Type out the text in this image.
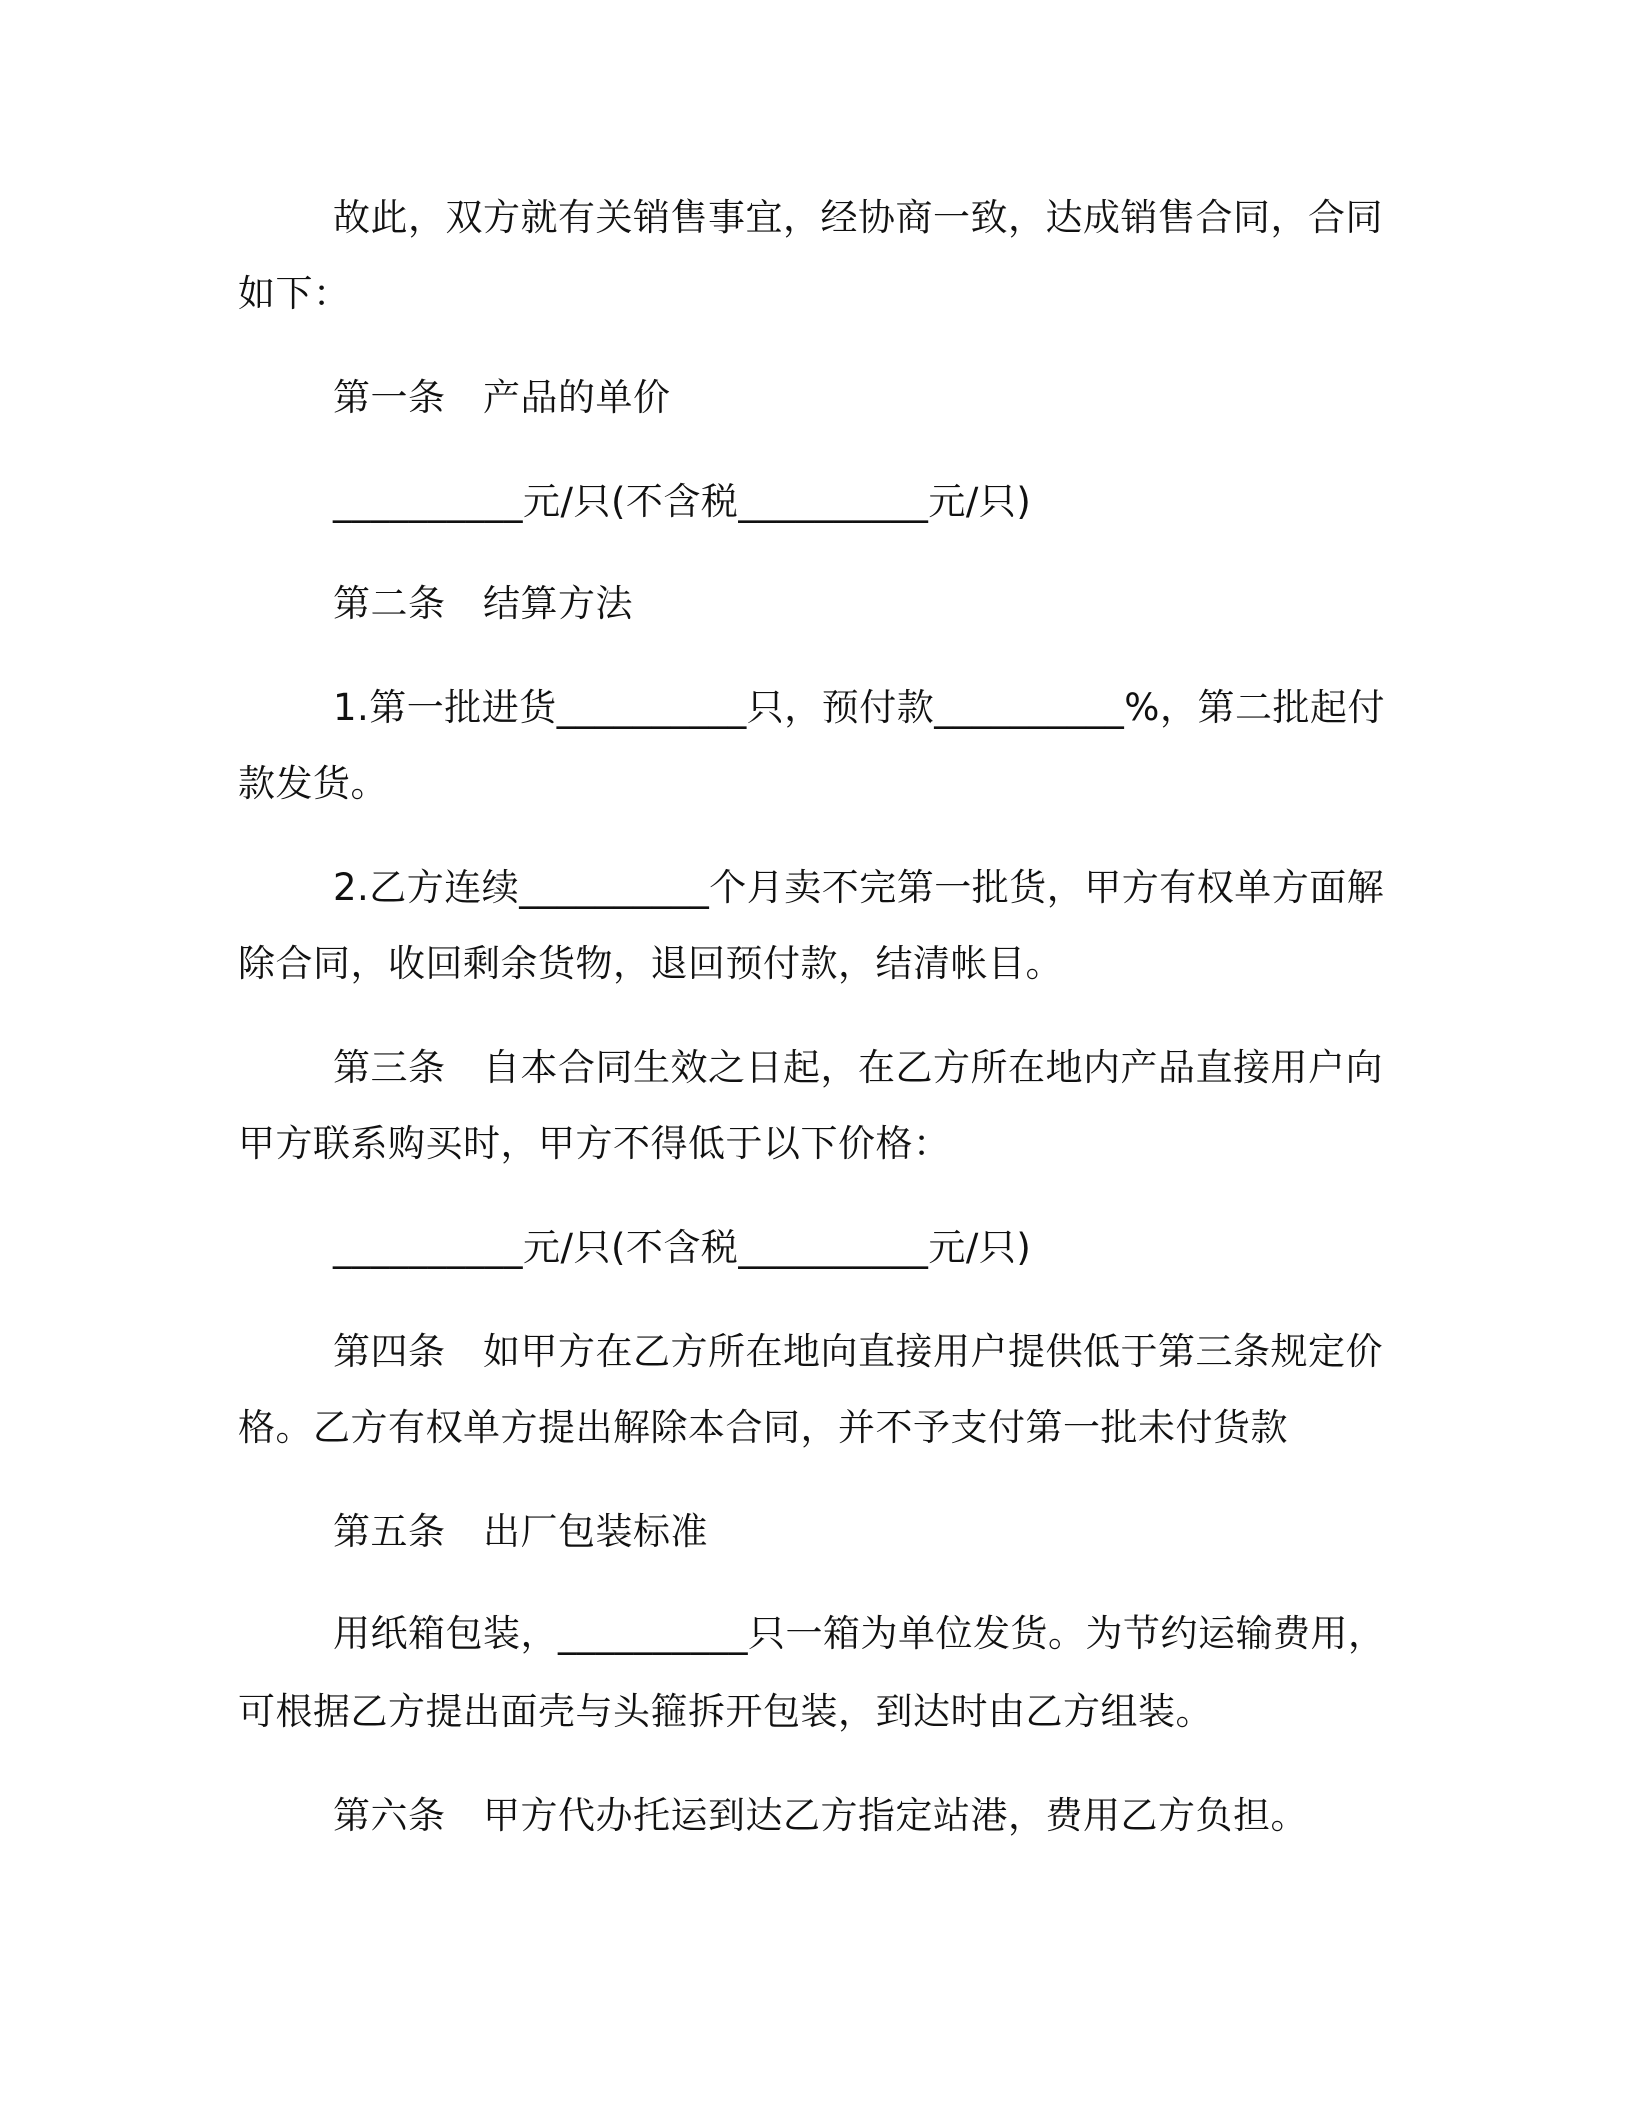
故此，双方就有关销售事宜，经协商一致，达成销售合同，合同
如下：
第一条　产品的单价
__________元/只(不含税__________元/只)
第二条　结算方法
1.第一批进货__________只，预付款__________%，第二批起付
款发货。
2.乙方连续__________个月卖不完第一批货，甲方有权单方面解
除合同，收回剩余货物，退回预付款，结清帐目。
第三条　自本合同生效之日起，在乙方所在地内产品直接用户向
甲方联系购买时，甲方不得低于以下价格：
__________元/只(不含税__________元/只)
第四条　如甲方在乙方所在地向直接用户提供低于第三条规定价
格。乙方有权单方提出解除本合同，并不予支付第一批未付货款
第五条　出厂包装标准
用纸箱包装，__________只一箱为单位发货。为节约运输费用，
可根据乙方提出面壳与头箍拆开包装，到达时由乙方组装。
第六条　甲方代办托运到达乙方指定站港，费用乙方负担。
